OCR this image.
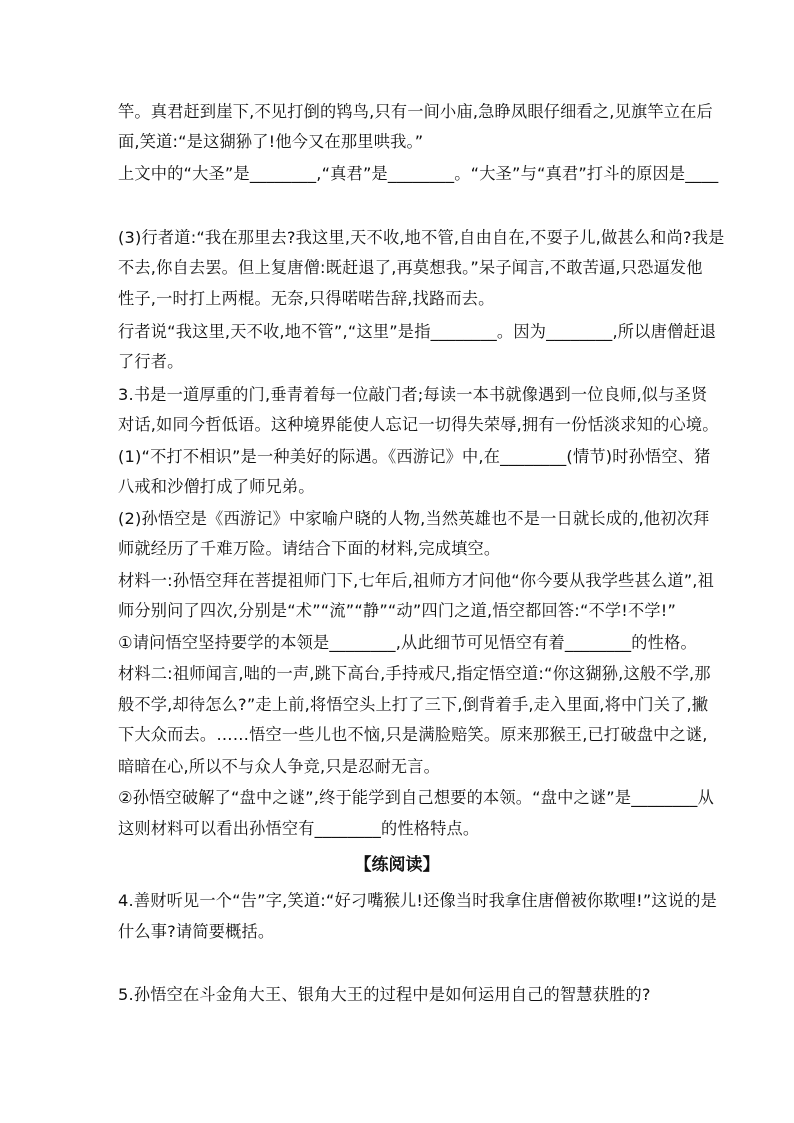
竿。真君赶到崖下,不见打倒的鸨鸟,只有一间小庙,急睁凤眼仔细看之,见旗竿立在后
面,笑道:“是这猢狲了!他今又在那里哄我。”
上文中的“大圣”是________,“真君”是________。“大圣”与“真君”打斗的原因是____
(3)行者道:“我在那里去?我这里,天不收,地不管,自由自在,不耍子儿,做甚么和尚?我是
不去,你自去罢。但上复唐僧:既赶退了,再莫想我。”呆子闻言,不敢苦逼,只恐逼发他
性子,一时打上两棍。无奈,只得喏喏告辞,找路而去。
行者说“我这里,天不收,地不管”,“这里”是指________。因为________,所以唐僧赶退
了行者。
3.书是一道厚重的门,垂青着每一位敲门者;每读一本书就像遇到一位良师,似与圣贤
对话,如同今哲低语。这种境界能使人忘记一切得失荣辱,拥有一份恬淡求知的心境。
(1)“不打不相识”是一种美好的际遇。《西游记》中,在________(情节)时孙悟空、猪
八戒和沙僧打成了师兄弟。
(2)孙悟空是《西游记》中家喻户晓的人物,当然英雄也不是一日就长成的,他初次拜
师就经历了千难万险。请结合下面的材料,完成填空。
材料一:孙悟空拜在菩提祖师门下,七年后,祖师方才问他“你今要从我学些甚么道”,祖
师分别问了四次,分别是“术”“流”“静”“动”四门之道,悟空都回答:“不学!不学!”
①请问悟空坚持要学的本领是________,从此细节可见悟空有着________的性格。
材料二:祖师闻言,咄的一声,跳下高台,手持戒尺,指定悟空道:“你这猢狲,这般不学,那
般不学,却待怎么?”走上前,将悟空头上打了三下,倒背着手,走入里面,将中门关了,撇
下大众而去。……悟空一些儿也不恼,只是满脸赔笑。原来那猴王,已打破盘中之谜,
暗暗在心,所以不与众人争竞,只是忍耐无言。
②孙悟空破解了“盘中之谜”,终于能学到自己想要的本领。“盘中之谜”是________从
这则材料可以看出孙悟空有________的性格特点。
【练阅读】
4.善财听见一个“告”字,笑道:“好刁嘴猴儿!还像当时我拿住唐僧被你欺哩!”这说的是
什么事?请简要概括。
5.孙悟空在斗金角大王、银角大王的过程中是如何运用自己的智慧获胜的?
